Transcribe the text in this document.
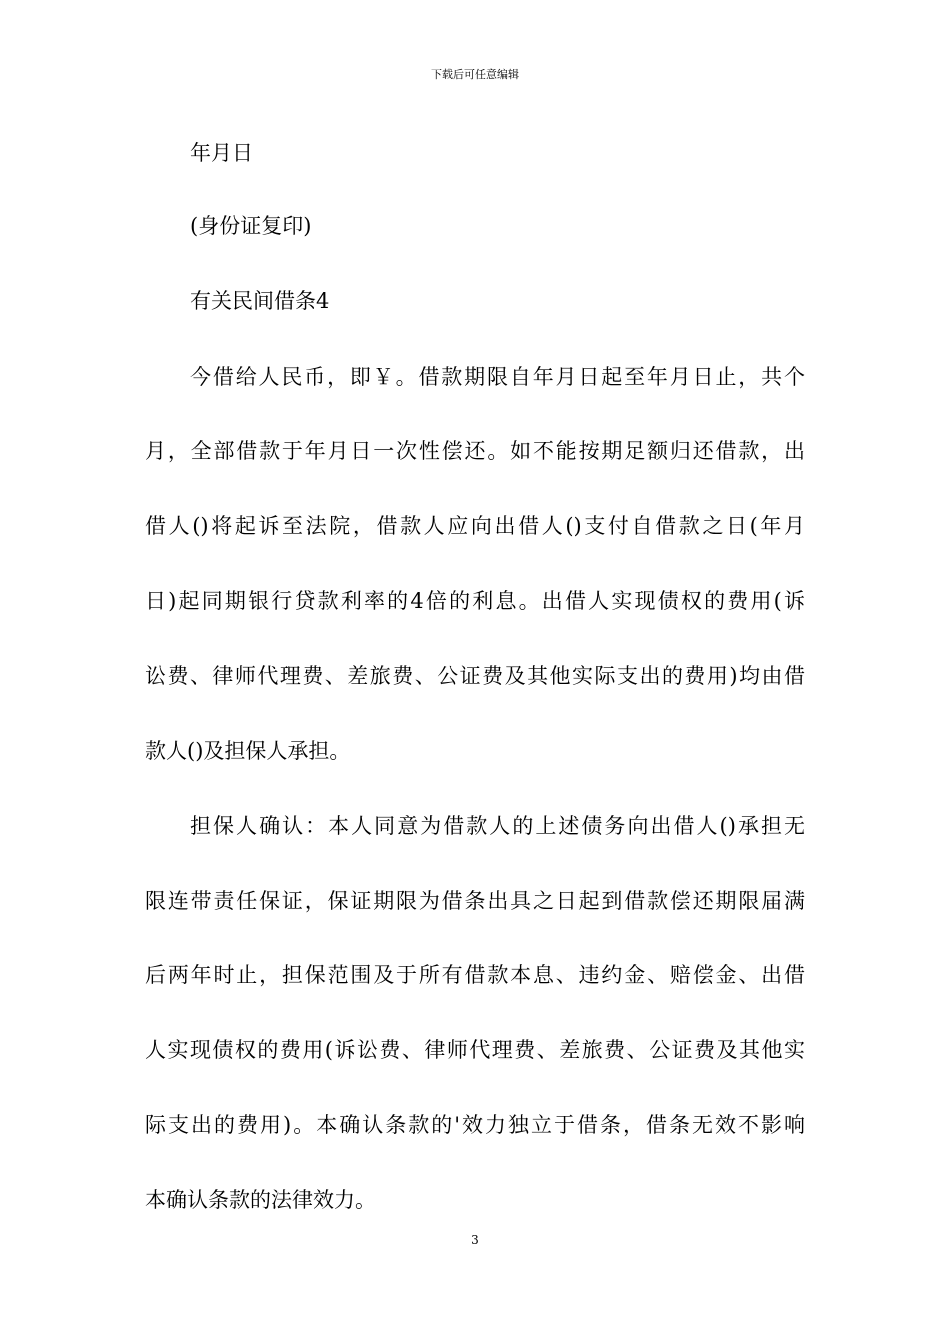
下载后可任意编辑
年月日
(身份证复印)
有关民间借条4
今借给人民币，即￥。借款期限自年月日起至年月日止，共个
月，全部借款于年月日一次性偿还。如不能按期足额归还借款，出
借人()将起诉至法院，借款人应向出借人()支付自借款之日(年月
日)起同期银行贷款利率的4倍的利息。出借人实现债权的费用(诉
讼费、律师代理费、差旅费、公证费及其他实际支出的费用)均由借
款人()及担保人承担。
担保人确认：本人同意为借款人的上述债务向出借人()承担无
限连带责任保证，保证期限为借条出具之日起到借款偿还期限届满
后两年时止，担保范围及于所有借款本息、违约金、赔偿金、出借
人实现债权的费用(诉讼费、律师代理费、差旅费、公证费及其他实
际支出的费用)。本确认条款的'效力独立于借条，借条无效不影响
本确认条款的法律效力。
3
